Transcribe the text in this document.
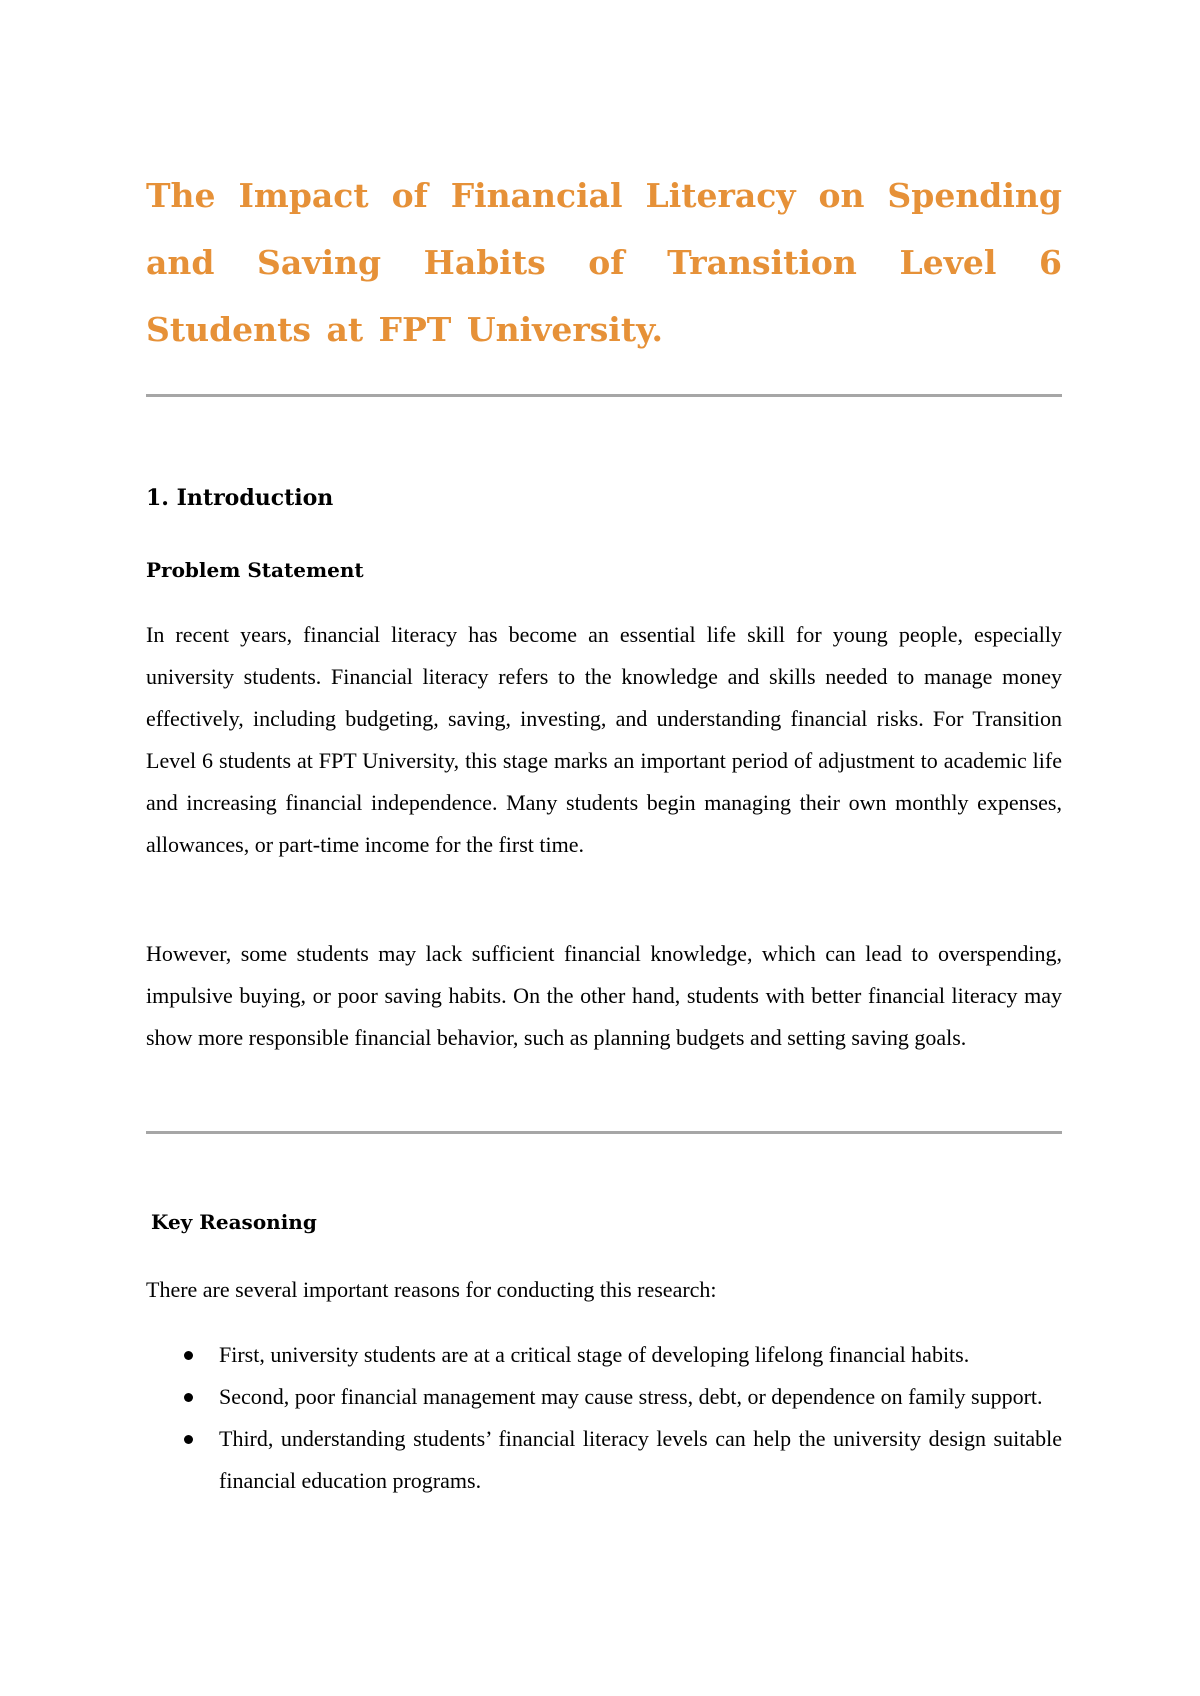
The Impact of Financial Literacy on Spending and Saving Habits of Transition Level 6 Students at FPT University.
1. Introduction
Problem Statement

In recent years, financial literacy has become an essential life skill for young people, especially university students. Financial literacy refers to the knowledge and skills needed to manage money effectively, including budgeting, saving, investing, and understanding financial risks. For Transition Level 6 students at FPT University, this stage marks an important period of adjustment to academic life and increasing financial independence. Many students begin managing their own monthly expenses, allowances, or part-time income for the first time.

However, some students may lack sufficient financial knowledge, which can lead to overspending, impulsive buying, or poor saving habits. On the other hand, students with better financial literacy may show more responsible financial behavior, such as planning budgets and setting saving goals.

Key Reasoning

There are several important reasons for conducting this research:

First, university students are at a critical stage of developing lifelong financial habits.
Second, poor financial management may cause stress, debt, or dependence on family support.
Third, understanding students’ financial literacy levels can help the university design suitable financial education programs.
